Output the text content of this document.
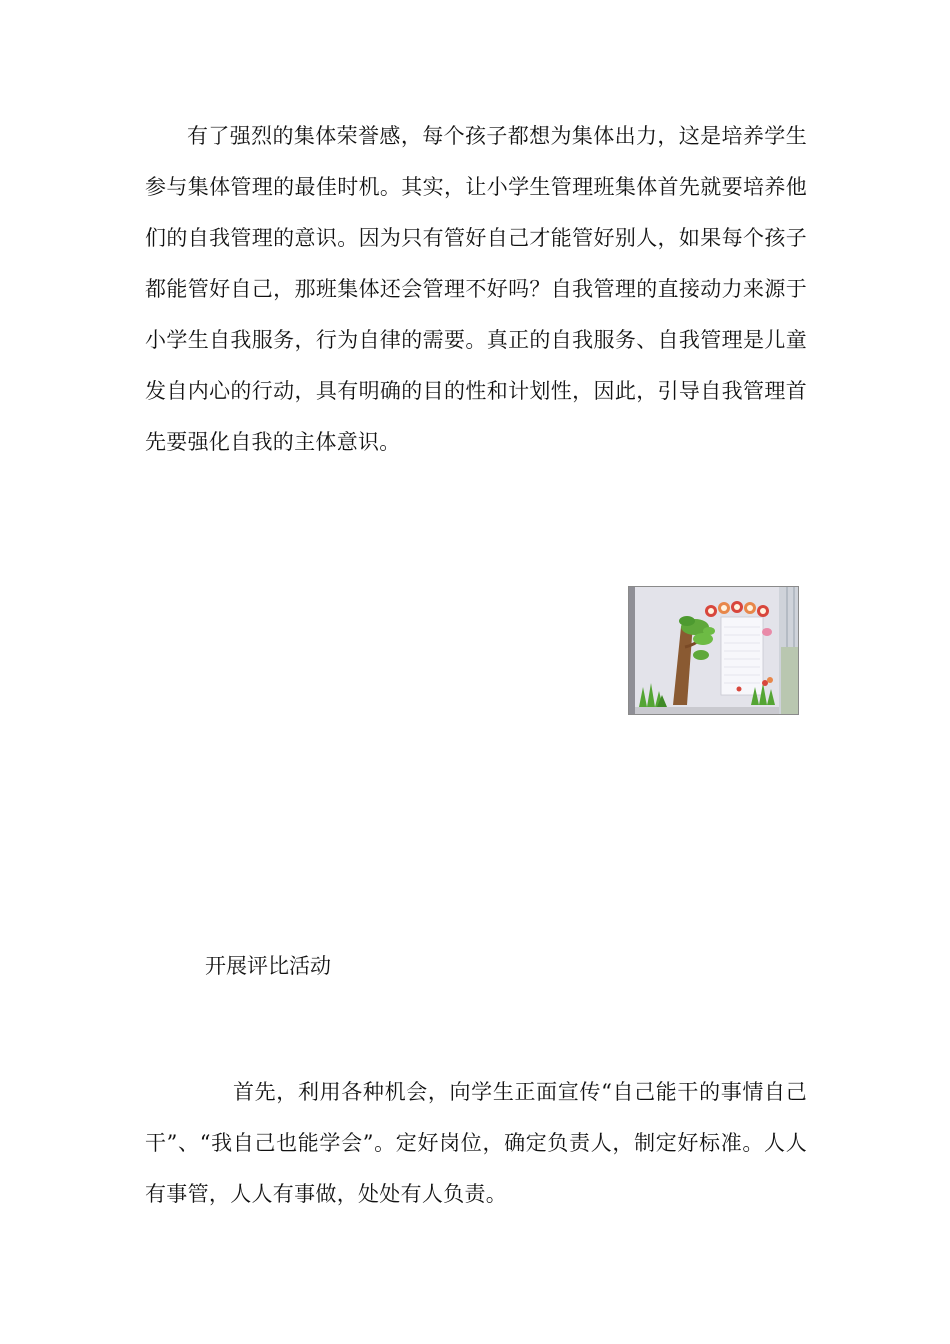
有了强烈的集体荣誉感，每个孩子都想为集体出力，这是培养学生参与集体管理的最佳时机。其实，让小学生管理班集体首先就要培养他们的自我管理的意识。因为只有管好自己才能管好别人，如果每个孩子都能管好自己，那班集体还会管理不好吗？自我管理的直接动力来源于小学生自我服务，行为自律的需要。真正的自我服务、自我管理是儿童发自内心的行动，具有明确的目的性和计划性，因此，引导自我管理首先要强化自我的主体意识。

开展评比活动

首先，利用各种机会，向学生正面宣传“自己能干的事情自己干”、“我自己也能学会”。定好岗位，确定负责人，制定好标准。人人有事管，人人有事做，处处有人负责。
